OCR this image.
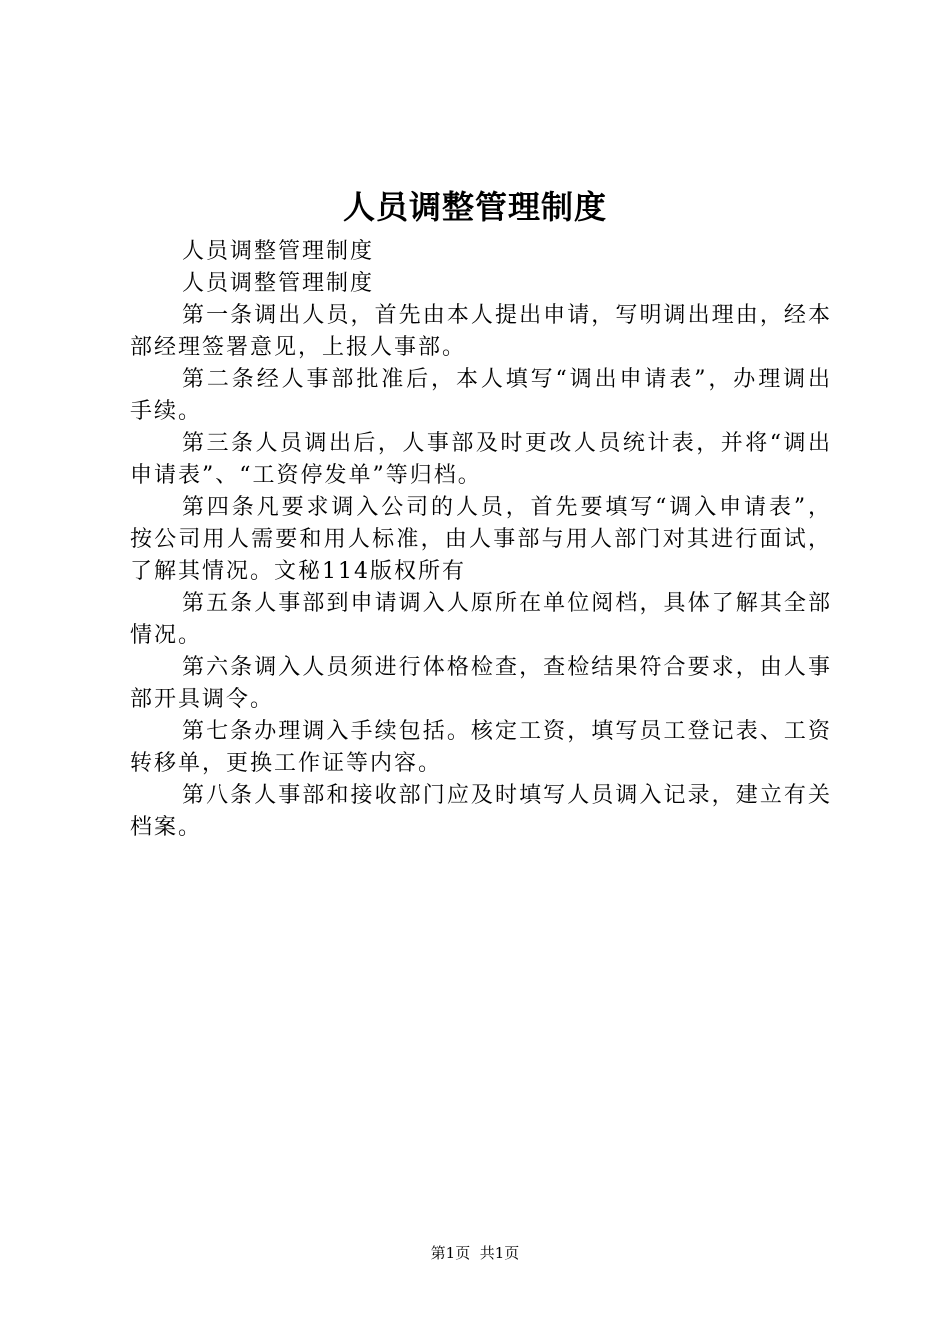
人员调整管理制度

人员调整管理制度

人员调整管理制度

第一条调出人员，首先由本人提出申请，写明调出理由，经本部经理签署意见，上报人事部。

第二条经人事部批准后，本人填写“调出申请表”，办理调出手续。

第三条人员调出后，人事部及时更改人员统计表，并将“调出申请表”、“工资停发单”等归档。

第四条凡要求调入公司的人员，首先要填写“调入申请表”，按公司用人需要和用人标准，由人事部与用人部门对其进行面试，了解其情况。文秘114版权所有

第五条人事部到申请调入人原所在单位阅档，具体了解其全部情况。

第六条调入人员须进行体格检查，查检结果符合要求，由人事部开具调令。

第七条办理调入手续包括。核定工资，填写员工登记表、工资转移单，更换工作证等内容。

第八条人事部和接收部门应及时填写人员调入记录，建立有关档案。

第1页 共1页
